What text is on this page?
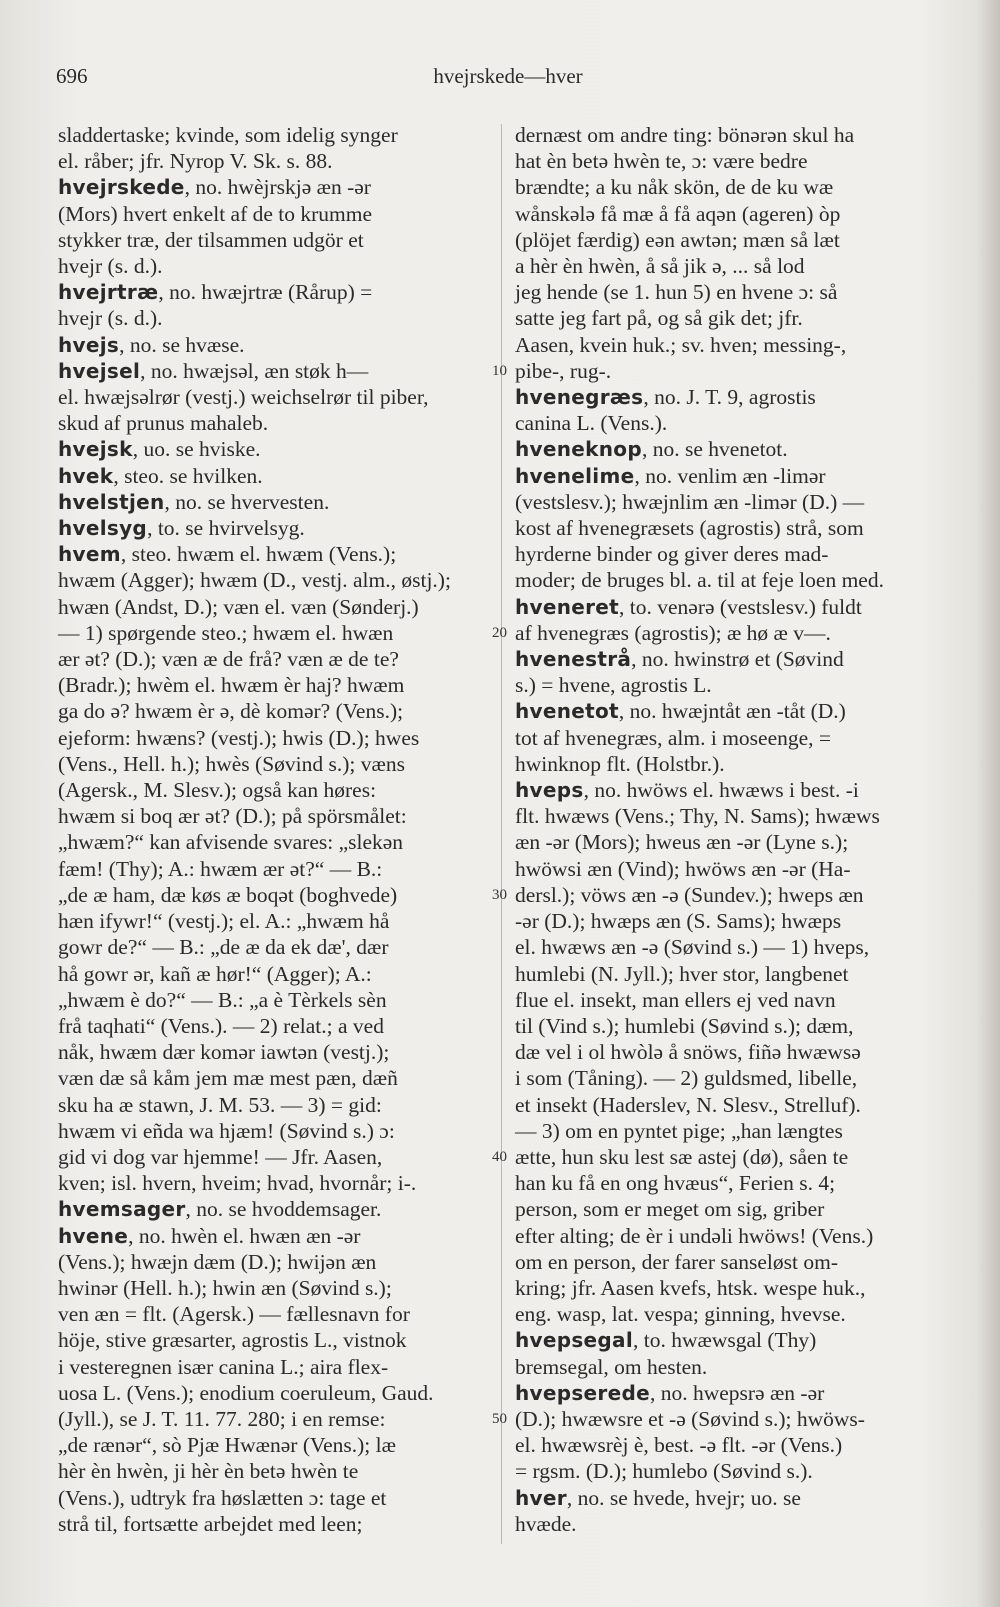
696	hvejrskede—hver
sladdertaske; kvinde, som idelig synger
el. råber; jfr. Nyrop V. Sk. s. 88.
hvejrskede, no. hwèjrskjə æn -ər
(Mors) hvert enkelt af de to krumme
stykker træ, der tilsammen udgör et
hvejr (s. d.).
hvejrtræ, no. hwæjrtræ (Rårup) =
hvejr (s. d.).
hvejs, no. se hvæse.
hvejsel, no. hwæjsəl, æn støk h—
el. hwæjsəlrør (vestj.) weichselrør til piber,
skud af prunus mahaleb.
hvejsk, uo. se hviske.
hvek, steo. se hvilken.
hvelstjen, no. se hvervesten.
hvelsyg, to. se hvirvelsyg.
hvem, steo. hwæm el. hwæm (Vens.);
hwæm (Agger); hwæm (D., vestj. alm., østj.);
hwæn (Andst, D.); væn el. væn (Sønderj.)
— 1) spørgende steo.; hwæm el. hwæn
ær ət? (D.); væn æ de frå? væn æ de te?
(Bradr.); hwèm el. hwæm èr haj? hwæm
ga do ə? hwæm èr ə, dè komər? (Vens.);
ejeform: hwæns? (vestj.); hwis (D.); hwes
(Vens., Hell. h.); hwès (Søvind s.); væns
(Agersk., M. Slesv.); også kan høres:
hwæm si boq ær ət? (D.); på spörsmålet:
„hwæm?“ kan afvisende svares: „slekən
fæm! (Thy); A.: hwæm ær ət?“ — B.:
„de æ ham, dæ køs æ boqət (boghvede)
hæn ifywr!“ (vestj.); el. A.: „hwæm hå
gowr de?“ — B.: „de æ da ek dæ', dær
hå gowr ər, kañ æ hør!“ (Agger); A.:
„hwæm è do?“ — B.: „a è Tèrkels sèn
frå taqhati“ (Vens.). — 2) relat.; a ved
nåk, hwæm dær komər iawtən (vestj.);
væn dæ så kåm jem mæ mest pæn, dæñ
sku ha æ stawn, J. M. 53. — 3) = gid:
hwæm vi eñda wa hjæm! (Søvind s.) ɔ:
gid vi dog var hjemme! — Jfr. Aasen,
kven; isl. hvern, hveim; hvad, hvornår; i-.
hvemsager, no. se hvoddemsager.
hvene, no. hwèn el. hwæn æn -ər
(Vens.); hwæjn dæm (D.); hwijən æn
hwinər (Hell. h.); hwin æn (Søvind s.);
ven æn = flt. (Agersk.) — fællesnavn for
höje, stive græsarter, agrostis L., vistnok
i vesteregnen især canina L.; aira flex-
uosa L. (Vens.); enodium coeruleum, Gaud.
(Jyll.), se J. T. 11. 77. 280; i en remse:
„de rænər“, sò Pjæ Hwænər (Vens.); læ
hèr èn hwèn, ji hèr èn betə hwèn te
(Vens.), udtryk fra høslætten ɔ: tage et
strå til, fortsætte arbejdet med leen;
dernæst om andre ting: bönərən skul ha
hat èn betə hwèn te, ɔ: være bedre
brændte; a ku nåk skön, de de ku wæ
wånskələ få mæ å få aqən (ageren) òp
(plöjet færdig) eən awtən; mæn så læt
a hèr èn hwèn, å så jik ə, ... så lod
jeg hende (se 1. hun 5) en hvene ɔ: så
satte jeg fart på, og så gik det; jfr.
Aasen, kvein huk.; sv. hven; messing-,
pibe-, rug-.
hvenegræs, no. J. T. 9, agrostis
canina L. (Vens.).
hveneknop, no. se hvenetot.
hvenelime, no. venlim æn -limər
(vestslesv.); hwæjnlim æn -limər (D.) —
kost af hvenegræsets (agrostis) strå, som
hyrderne binder og giver deres mad-
moder; de bruges bl. a. til at feje loen med.
hveneret, to. venərə (vestslesv.) fuldt
af hvenegræs (agrostis); æ hø æ v—.
hvenestrå, no. hwinstrø et (Søvind
s.) = hvene, agrostis L.
hvenetot, no. hwæjntåt æn -tåt (D.)
tot af hvenegræs, alm. i moseenge, =
hwinknop flt. (Holstbr.).
hveps, no. hwöws el. hwæws i best. -i
flt. hwæws (Vens.; Thy, N. Sams); hwæws
æn -ər (Mors); hweus æn -ər (Lyne s.);
hwöwsi æn (Vind); hwöws æn -ər (Ha-
dersl.); vöws æn -ə (Sundev.); hweps æn
-ər (D.); hwæps æn (S. Sams); hwæps
el. hwæws æn -ə (Søvind s.) — 1) hveps,
humlebi (N. Jyll.); hver stor, langbenet
flue el. insekt, man ellers ej ved navn
til (Vind s.); humlebi (Søvind s.); dæm,
dæ vel i ol hwòlə å snöws, fiñə hwæwsə
i som (Tåning). — 2) guldsmed, libelle,
et insekt (Haderslev, N. Slesv., Strelluf).
— 3) om en pyntet pige; „han længtes
ætte, hun sku lest sæ astej (dø), såen te
han ku få en ong hvæus“, Ferien s. 4;
person, som er meget om sig, griber
efter alting; de èr i undəli hwöws! (Vens.)
om en person, der farer sanseløst om-
kring; jfr. Aasen kvefs, htsk. wespe huk.,
eng. wasp, lat. vespa; ginning, hvevse.
hvepsegal, to. hwæwsgal (Thy)
bremsegal, om hesten.
hvepserede, no. hwepsrə æn -ər
(D.); hwæwsre et -ə (Søvind s.); hwöws-
el. hwæwsrèj è, best. -ə flt. -ər (Vens.)
= rgsm. (D.); humlebo (Søvind s.).
hver, no. se hvede, hvejr; uo. se
hvæde.
10
20
30
40
50
